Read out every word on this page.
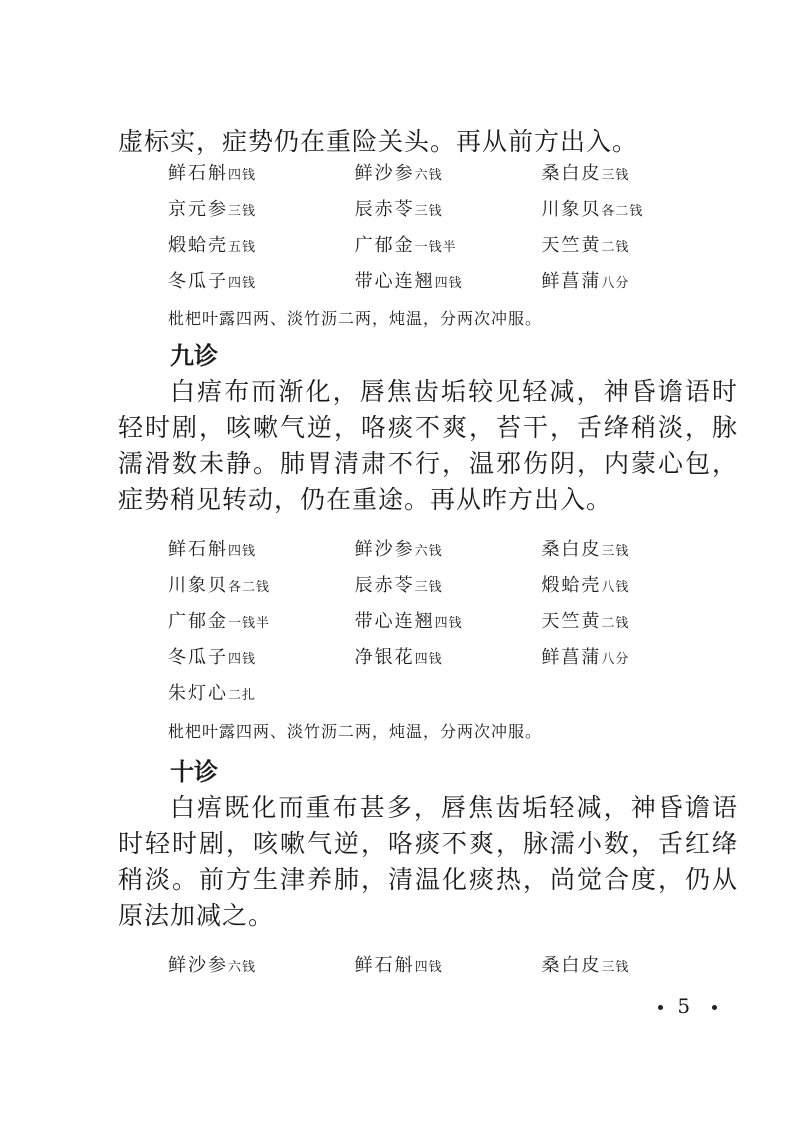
虚标实，症势仍在重险关头。再从前方出入。

鲜石斛四钱	鲜沙参六钱	桑白皮三钱
京元参三钱	辰赤苓三钱	川象贝各二钱
煅蛤壳五钱	广郁金一钱半	天竺黄二钱
冬瓜子四钱	带心连翘四钱	鲜菖蒲八分
枇杷叶露四两、淡竹沥二两，炖温，分两次冲服。
九诊

白痦布而渐化，唇焦齿垢较见轻减，神昏谵语时轻时剧，咳嗽气逆，咯痰不爽，苔干，舌绛稍淡，脉濡滑数未静。肺胃清肃不行，温邪伤阴，内蒙心包，症势稍见转动，仍在重途。再从昨方出入。

鲜石斛四钱	鲜沙参六钱	桑白皮三钱
川象贝各二钱	辰赤苓三钱	煅蛤壳八钱
广郁金一钱半	带心连翘四钱	天竺黄二钱
冬瓜子四钱	净银花四钱	鲜菖蒲八分
朱灯心二扎
枇杷叶露四两、淡竹沥二两，炖温，分两次冲服。
十诊

白痦既化而重布甚多，唇焦齿垢轻减，神昏谵语时轻时剧，咳嗽气逆，咯痰不爽，脉濡小数，舌红绛稍淡。前方生津养肺，清温化痰热，尚觉合度，仍从原法加减之。

鲜沙参六钱	鲜石斛四钱	桑白皮三钱
5
